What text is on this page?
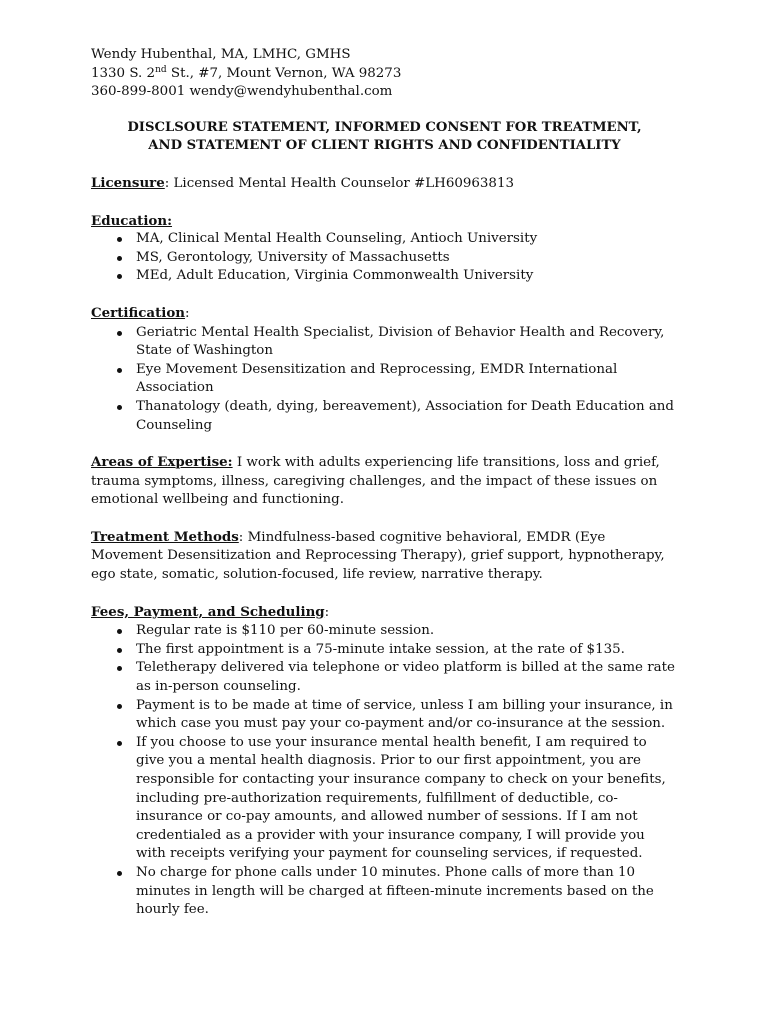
Wendy Hubenthal, MA, LMHC, GMHS

1330 S. 2nd St., #7, Mount Vernon, WA 98273

360-899-8001 wendy@wendyhubenthal.com

DISCLSOURE STATEMENT, INFORMED CONSENT FOR TREATMENT,
AND STATEMENT OF CLIENT RIGHTS AND CONFIDENTIALITY

Licensure: Licensed Mental Health Counselor #LH60963813

Education:

MA, Clinical Mental Health Counseling, Antioch University
MS, Gerontology, University of Massachusetts
MEd, Adult Education, Virginia Commonwealth University

Certification:

Geriatric Mental Health Specialist, Division of Behavior Health and Recovery, State of Washington
Eye Movement Desensitization and Reprocessing, EMDR International Association
Thanatology (death, dying, bereavement), Association for Death Education and Counseling

Areas of Expertise: I work with adults experiencing life transitions, loss and grief, trauma symptoms, illness, caregiving challenges, and the impact of these issues on emotional wellbeing and functioning.

Treatment Methods: Mindfulness-based cognitive behavioral, EMDR (Eye Movement Desensitization and Reprocessing Therapy), grief support, hypnotherapy, ego state, somatic, solution-focused, life review, narrative therapy.

Fees, Payment, and Scheduling:

Regular rate is $110 per 60-minute session.
The first appointment is a 75-minute intake session, at the rate of $135.
Teletherapy delivered via telephone or video platform is billed at the same rate as in-person counseling.
Payment is to be made at time of service, unless I am billing your insurance, in which case you must pay your co-payment and/or co-insurance at the session.
If you choose to use your insurance mental health benefit, I am required to give you a mental health diagnosis. Prior to our first appointment, you are responsible for contacting your insurance company to check on your benefits, including pre-authorization requirements, fulfillment of deductible, co-insurance or co-pay amounts, and allowed number of sessions. If I am not credentialed as a provider with your insurance company, I will provide you with receipts verifying your payment for counseling services, if requested.
No charge for phone calls under 10 minutes. Phone calls of more than 10 minutes in length will be charged at fifteen-minute increments based on the hourly fee.
